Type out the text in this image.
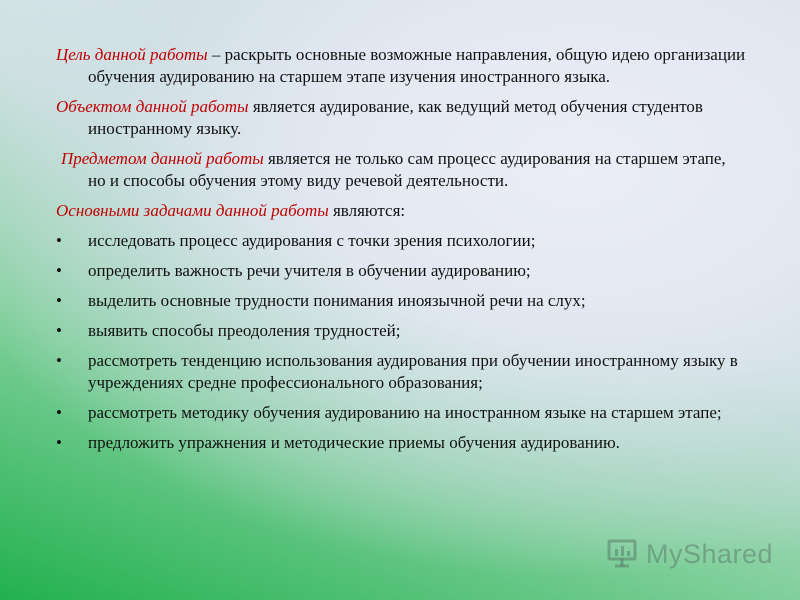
Цель данной работы – раскрыть основные возможные направления, общую идею организации обучения аудированию на старшем этапе изучения иностранного языка.

Объектом данной работы является аудирование, как ведущий метод обучения студентов иностранному языку.

Предметом данной работы является не только сам процесс аудирования на старшем этапе, но и способы обучения этому виду речевой деятельности.

Основными задачами данной работы являются:

• исследовать процесс аудирования с точки зрения психологии;
• определить важность речи учителя в обучении аудированию;
• выделить основные трудности понимания иноязычной речи на слух;
• выявить способы преодоления трудностей;
• рассмотреть тенденцию использования аудирования при обучении иностранному языку в учреждениях средне профессионального образования;
• рассмотреть методику обучения аудированию на иностранном языке на старшем этапе;
• предложить упражнения и методические приемы обучения аудированию.
MyShared
